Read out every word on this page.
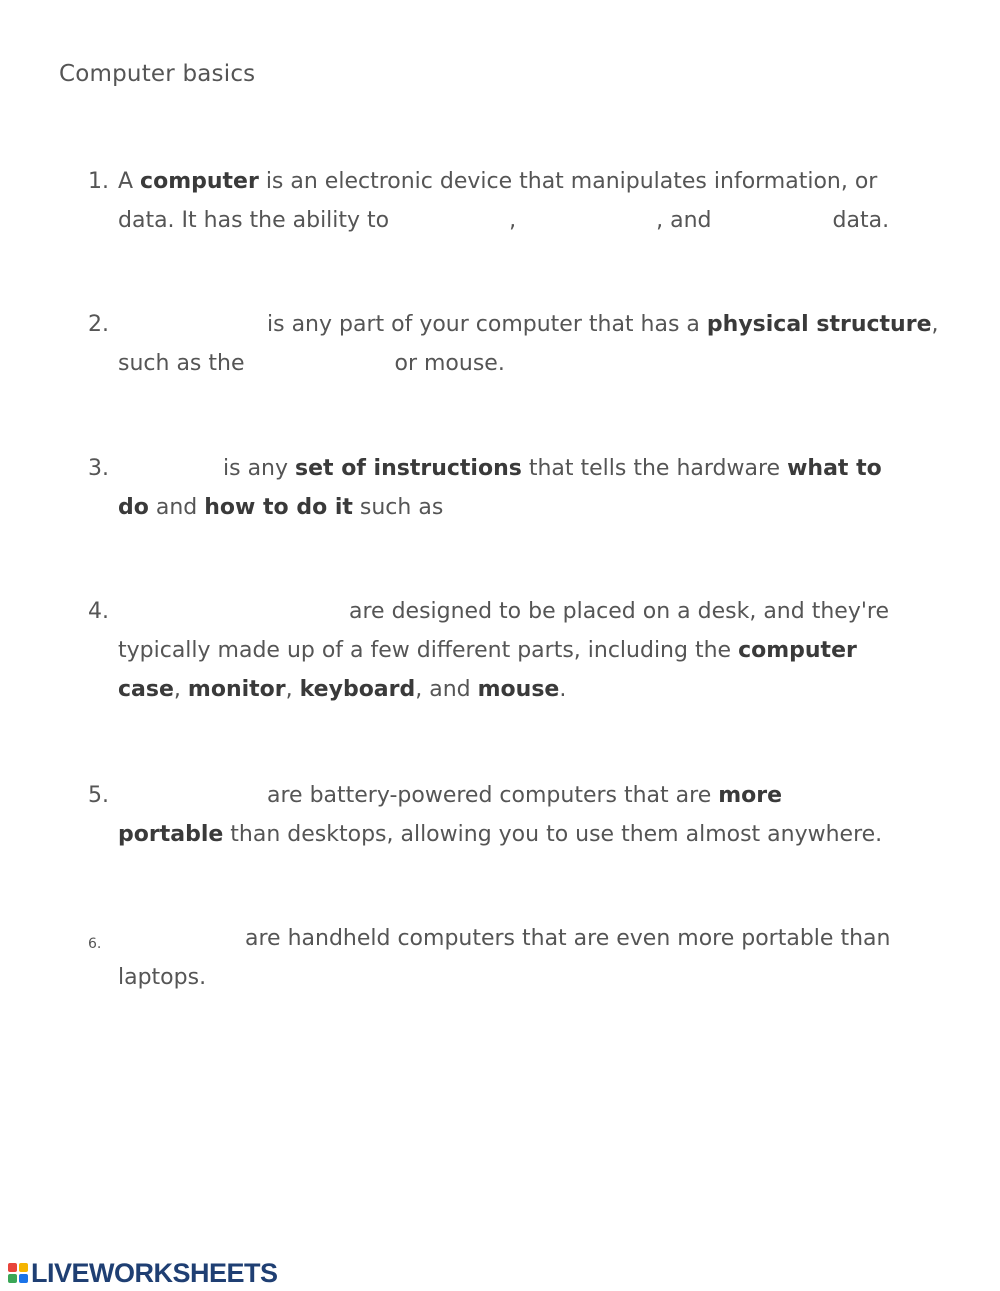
Computer basics
1. A computer is an electronic device that manipulates information, or
data. It has the ability to	,	, and	data.
2.	is any part of your computer that has a physical structure,
such as the	or mouse.
3.	is any set of instructions that tells the hardware what to
do and how to do it such as
4.	are designed to be placed on a desk, and they're
typically made up of a few different parts, including the computer
case, monitor, keyboard, and mouse.
5.	are battery-powered computers that are more
portable than desktops, allowing you to use them almost anywhere.
6.	are handheld computers that are even more portable than
laptops.
LIVEWORKSHEETS
